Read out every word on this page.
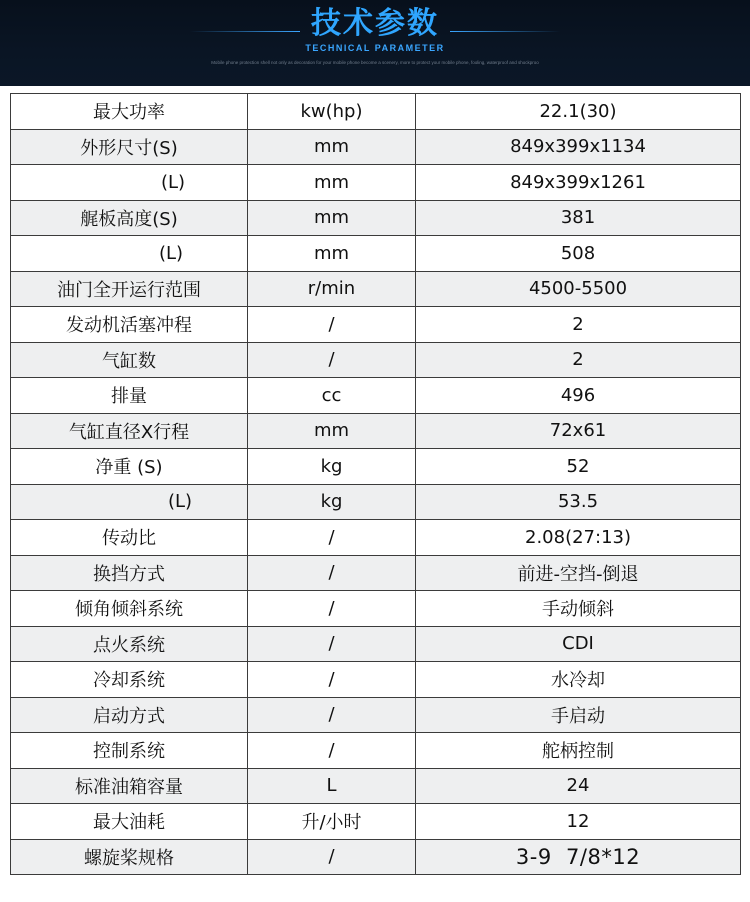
技术参数
TECHNICAL PARAMETER
Mobile phone protection shell not only as decoration for your mobile phone become a scenery, more to protect your mobile phone, fooling, waterproof and shockproo
最大功率	kw(hp)	22.1(30)
外形尺寸(S)	mm	849x399x1134
(L)	mm	849x399x1261
艉板高度(S)	mm	381
(L)	mm	508
油门全开运行范围	r/min	4500-5500
发动机活塞冲程	/	2
气缸数	/	2
排量	cc	496
气缸直径X行程	mm	72x61
净重 (S)	kg	52
(L)	kg	53.5
传动比	/	2.08(27:13)
换挡方式	/	前进-空挡-倒退
倾角倾斜系统	/	手动倾斜
点火系统	/	CDI
冷却系统	/	水冷却
启动方式	/	手启动
控制系统	/	舵柄控制
标准油箱容量	L	24
最大油耗	升/小时	12
螺旋桨规格	/	3-9  7/8*12
